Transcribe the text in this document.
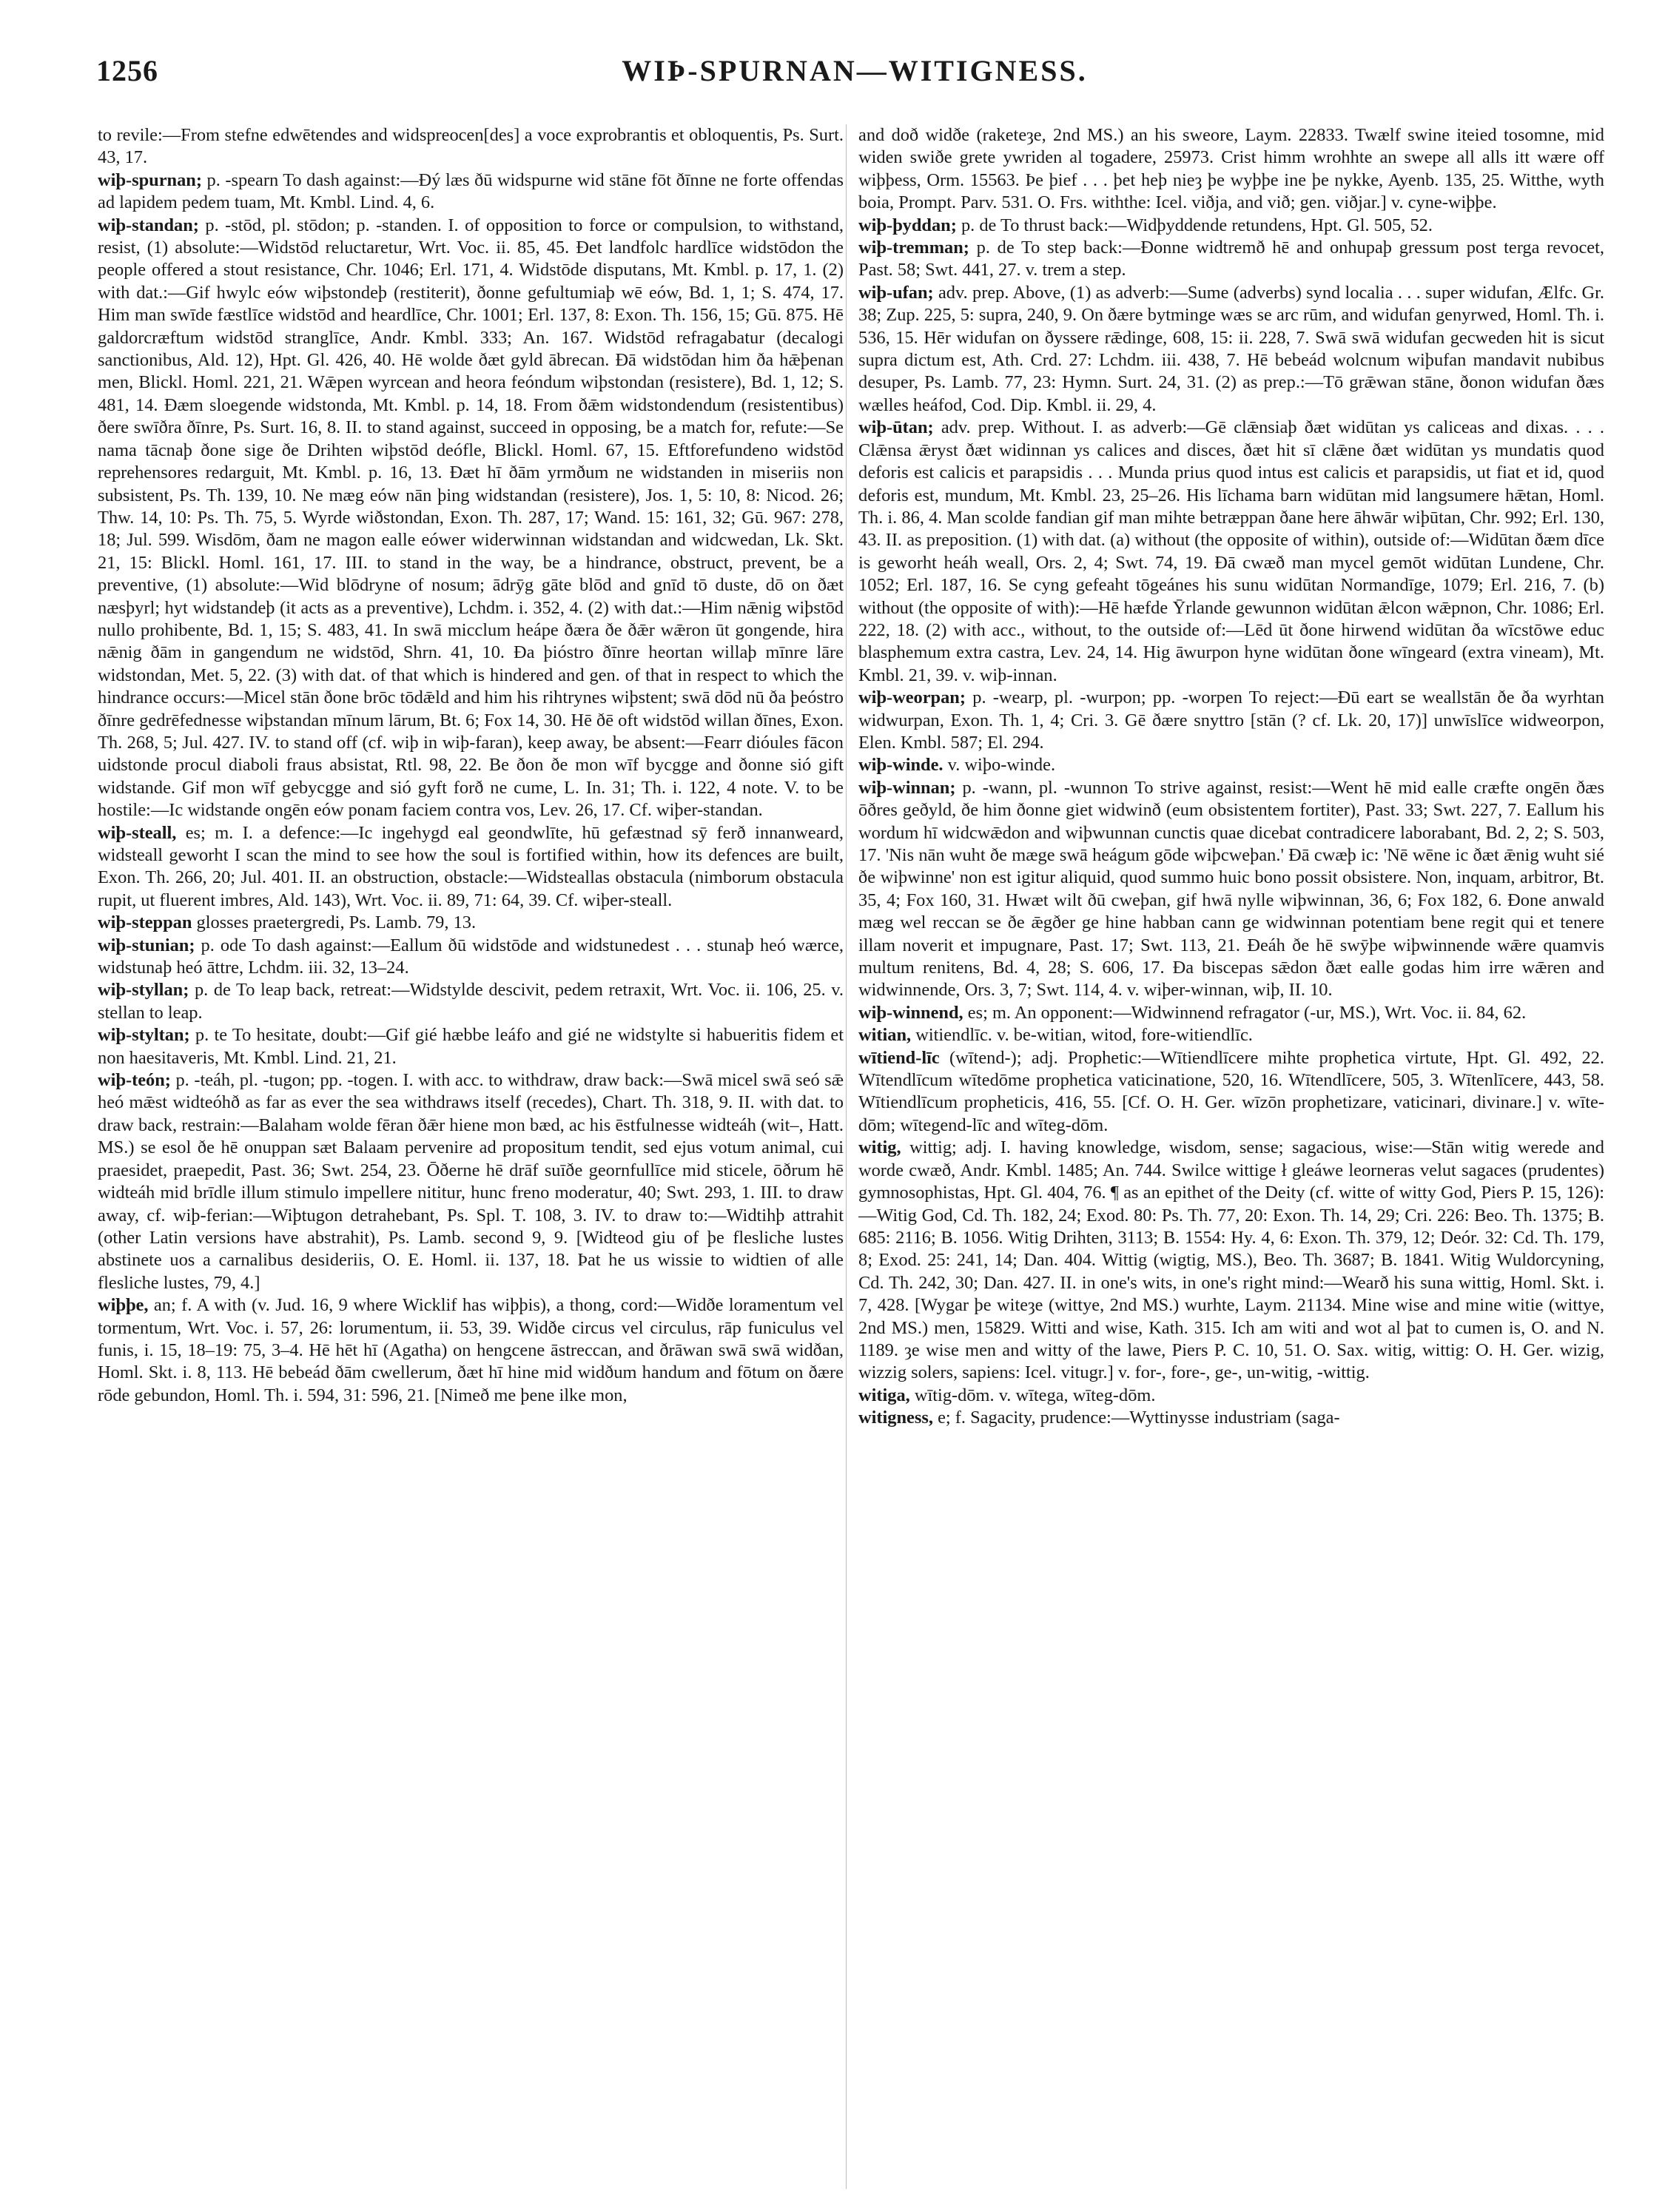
1256	WIÞ-SPURNAN—WITIGNESS.

to revile:—From stefne edwētendes and widspreocen[des] a voce exprobrantis et obloquentis, Ps. Surt. 43, 17.

wiþ-spurnan; p. -spearn To dash against:—Ðý læs ðū widspurne wid stāne fōt ðīnne ne forte offendas ad lapidem pedem tuam, Mt. Kmbl. Lind. 4, 6.

wiþ-standan; p. -stōd, pl. stōdon; p. -standen. I. of opposition to force or compulsion, to withstand, resist, (1) absolute:—Widstōd reluctaretur, Wrt. Voc. ii. 85, 45. Ðet landfolc hardlīce widstōdon the people offered a stout resistance, Chr. 1046; Erl. 171, 4. Widstōde disputans, Mt. Kmbl. p. 17, 1. (2) with dat.:—Gif hwylc eów wiþstondeþ (restiterit), ðonne gefultumiaþ wē eów, Bd. 1, 1; S. 474, 17. Him man swīde fæstlīce widstōd and heardlīce, Chr. 1001; Erl. 137, 8: Exon. Th. 156, 15; Gū. 875. Hē galdorcræftum widstōd stranglīce, Andr. Kmbl. 333; An. 167. Widstōd refragabatur (decalogi sanctionibus, Ald. 12), Hpt. Gl. 426, 40. Hē wolde ðæt gyld ābrecan. Ðā widstōdan him ða hǣþenan men, Blickl. Homl. 221, 21. Wǣpen wyrcean and heora feóndum wiþstondan (resistere), Bd. 1, 12; S. 481, 14. Ðæm sloegende widstonda, Mt. Kmbl. p. 14, 18. From ðǣm widstondendum (resistentibus) ðere swīðra ðīnre, Ps. Surt. 16, 8. II. to stand against, succeed in opposing, be a match for, refute:—Se nama tācnaþ ðone sige ðe Drihten wiþstōd deófle, Blickl. Homl. 67, 15. Eftforefundeno widstōd reprehensores redarguit, Mt. Kmbl. p. 16, 13. Ðæt hī ðām yrmðum ne widstanden in miseriis non subsistent, Ps. Th. 139, 10. Ne mæg eów nān þing widstandan (resistere), Jos. 1, 5: 10, 8: Nicod. 26; Thw. 14, 10: Ps. Th. 75, 5. Wyrde wiðstondan, Exon. Th. 287, 17; Wand. 15: 161, 32; Gū. 967: 278, 18; Jul. 599. Wisdōm, ðam ne magon ealle eówer widerwinnan widstandan and widcwedan, Lk. Skt. 21, 15: Blickl. Homl. 161, 17. III. to stand in the way, be a hindrance, obstruct, prevent, be a preventive, (1) absolute:—Wid blōdryne of nosum; ādrȳg gāte blōd and gnīd tō duste, dō on ðæt næsþyrl; hyt widstandeþ (it acts as a preventive), Lchdm. i. 352, 4. (2) with dat.:—Him nǣnig wiþstōd nullo prohibente, Bd. 1, 15; S. 483, 41. In swā micclum heápe ðæra ðe ðǣr wǣron ūt gongende, hira nǣnig ðām in gangendum ne widstōd, Shrn. 41, 10. Ða þióstro ðīnre heortan willaþ mīnre lāre widstondan, Met. 5, 22. (3) with dat. of that which is hindered and gen. of that in respect to which the hindrance occurs:—Micel stān ðone brōc tōdǣld and him his rihtrynes wiþstent; swā dōd nū ða þeóstro ðīnre gedrēfednesse wiþstandan mīnum lārum, Bt. 6; Fox 14, 30. Hē ðē oft widstōd willan ðīnes, Exon. Th. 268, 5; Jul. 427. IV. to stand off (cf. wiþ in wiþ-faran), keep away, be absent:—Fearr dióules fācon uidstonde procul diaboli fraus absistat, Rtl. 98, 22. Be ðon ðe mon wīf bycgge and ðonne sió gift widstande. Gif mon wīf gebycgge and sió gyft forð ne cume, L. In. 31; Th. i. 122, 4 note. V. to be hostile:—Ic widstande ongēn eów ponam faciem contra vos, Lev. 26, 17. Cf. wiþer-standan.

wiþ-steall, es; m. I. a defence:—Ic ingehygd eal geondwlīte, hū gefæstnad sȳ ferð innanweard, widsteall geworht I scan the mind to see how the soul is fortified within, how its defences are built, Exon. Th. 266, 20; Jul. 401. II. an obstruction, obstacle:—Widsteallas obstacula (nimborum obstacula rupit, ut fluerent imbres, Ald. 143), Wrt. Voc. ii. 89, 71: 64, 39. Cf. wiþer-steall.

wiþ-steppan glosses praetergredi, Ps. Lamb. 79, 13.

wiþ-stunian; p. ode To dash against:—Eallum ðū widstōde and widstunedest . . . stunaþ heó wærce, widstunaþ heó āttre, Lchdm. iii. 32, 13–24.

wiþ-styllan; p. de To leap back, retreat:—Widstylde descivit, pedem retraxit, Wrt. Voc. ii. 106, 25. v. stellan to leap.

wiþ-styltan; p. te To hesitate, doubt:—Gif gié hæbbe leáfo and gié ne widstylte si habueritis fidem et non haesitaveris, Mt. Kmbl. Lind. 21, 21.

wiþ-teón; p. -teáh, pl. -tugon; pp. -togen. I. with acc. to withdraw, draw back:—Swā micel swā seó sǣ heó mǣst widteóhð as far as ever the sea withdraws itself (recedes), Chart. Th. 318, 9. II. with dat. to draw back, restrain:—Balaham wolde fēran ðǣr hiene mon bæd, ac his ēstfulnesse widteáh (wit–, Hatt. MS.) se esol ðe hē onuppan sæt Balaam pervenire ad propositum tendit, sed ejus votum animal, cui praesidet, praepedit, Past. 36; Swt. 254, 23. Ōðerne hē drāf suīðe geornfullīce mid sticele, ōðrum hē widteáh mid brīdle illum stimulo impellere nititur, hunc freno moderatur, 40; Swt. 293, 1. III. to draw away, cf. wiþ-ferian:—Wiþtugon detrahebant, Ps. Spl. T. 108, 3. IV. to draw to:—Widtihþ attrahit (other Latin versions have abstrahit), Ps. Lamb. second 9, 9. [Widteod giu of þe flesliche lustes abstinete uos a carnalibus desideriis, O. E. Homl. ii. 137, 18. Þat he us wissie to widtien of alle flesliche lustes, 79, 4.]

wiþþe, an; f. A with (v. Jud. 16, 9 where Wicklif has wiþþis), a thong, cord:—Widðe loramentum vel tormentum, Wrt. Voc. i. 57, 26: lorumentum, ii. 53, 39. Widðe circus vel circulus, rāp funiculus vel funis, i. 15, 18–19: 75, 3–4. Hē hēt hī (Agatha) on hengcene āstreccan, and ðrāwan swā swā widðan, Homl. Skt. i. 8, 113. Hē bebeád ðām cwellerum, ðæt hī hine mid widðum handum and fōtum on ðære rōde gebundon, Homl. Th. i. 594, 31: 596, 21. [Nimeð me þene ilke mon,

and doð widðe (raketeȝe, 2nd MS.) an his sweore, Laym. 22833. Twælf swine iteied tosomne, mid widen swiðe grete ywriden al togadere, 25973. Crist himm wrohhte an swepe all alls itt wære off wiþþess, Orm. 15563. Þe þief . . . þet heþ nieȝ þe wyþþe ine þe nykke, Ayenb. 135, 25. Witthe, wyth boia, Prompt. Parv. 531. O. Frs. withthe: Icel. viðja, and við; gen. viðjar.] v. cyne-wiþþe.

wiþ-þyddan; p. de To thrust back:—Widþyddende retundens, Hpt. Gl. 505, 52.

wiþ-tremman; p. de To step back:—Ðonne widtremð hē and onhupaþ gressum post terga revocet, Past. 58; Swt. 441, 27. v. trem a step.

wiþ-ufan; adv. prep. Above, (1) as adverb:—Sume (adverbs) synd localia . . . super widufan, Ælfc. Gr. 38; Zup. 225, 5: supra, 240, 9. On ðære bytminge wæs se arc rūm, and widufan genyrwed, Homl. Th. i. 536, 15. Hēr widufan on ðyssere rǣdinge, 608, 15: ii. 228, 7. Swā swā widufan gecweden hit is sicut supra dictum est, Ath. Crd. 27: Lchdm. iii. 438, 7. Hē bebeád wolcnum wiþufan mandavit nubibus desuper, Ps. Lamb. 77, 23: Hymn. Surt. 24, 31. (2) as prep.:—Tō grǣwan stāne, ðonon widufan ðæs wælles heáfod, Cod. Dip. Kmbl. ii. 29, 4.

wiþ-ūtan; adv. prep. Without. I. as adverb:—Gē clǣnsiaþ ðæt widūtan ys caliceas and dixas. . . . Clǣnsa ǣryst ðæt widinnan ys calices and disces, ðæt hit sī clǣne ðæt widūtan ys mundatis quod deforis est calicis et parapsidis . . . Munda prius quod intus est calicis et parapsidis, ut fiat et id, quod deforis est, mundum, Mt. Kmbl. 23, 25–26. His līchama barn widūtan mid langsumere hǣtan, Homl. Th. i. 86, 4. Man scolde fandian gif man mihte betræppan ðane here āhwār wiþūtan, Chr. 992; Erl. 130, 43. II. as preposition. (1) with dat. (a) without (the opposite of within), outside of:—Widūtan ðæm dīce is geworht heáh weall, Ors. 2, 4; Swt. 74, 19. Ðā cwæð man mycel gemōt widūtan Lundene, Chr. 1052; Erl. 187, 16. Se cyng gefeaht tōgeánes his sunu widūtan Normandīge, 1079; Erl. 216, 7. (b) without (the opposite of with):—Hē hæfde Ȳrlande gewunnon widūtan ǣlcon wǣpnon, Chr. 1086; Erl. 222, 18. (2) with acc., without, to the outside of:—Lēd ūt ðone hirwend widūtan ða wīcstōwe educ blasphemum extra castra, Lev. 24, 14. Hig āwurpon hyne widūtan ðone wīngeard (extra vineam), Mt. Kmbl. 21, 39. v. wiþ-innan.

wiþ-weorpan; p. -wearp, pl. -wurpon; pp. -worpen To reject:—Ðū eart se weallstān ðe ða wyrhtan widwurpan, Exon. Th. 1, 4; Cri. 3. Gē ðære snyttro [stān (? cf. Lk. 20, 17)] unwīslīce widweorpon, Elen. Kmbl. 587; El. 294.

wiþ-winde. v. wiþo-winde.

wiþ-winnan; p. -wann, pl. -wunnon To strive against, resist:—Went hē mid ealle cræfte ongēn ðæs ōðres geðyld, ðe him ðonne giet widwinð (eum obsistentem fortiter), Past. 33; Swt. 227, 7. Eallum his wordum hī widcwǣdon and wiþwunnan cunctis quae dicebat contradicere laborabant, Bd. 2, 2; S. 503, 17. 'Nis nān wuht ðe mæge swā heágum gōde wiþcweþan.' Ðā cwæþ ic: 'Nē wēne ic ðæt ǣnig wuht sié ðe wiþwinne' non est igitur aliquid, quod summo huic bono possit obsistere. Non, inquam, arbitror, Bt. 35, 4; Fox 160, 31. Hwæt wilt ðū cweþan, gif hwā nylle wiþwinnan, 36, 6; Fox 182, 6. Ðone anwald mæg wel reccan se ðe ǣgðer ge hine habban cann ge widwinnan potentiam bene regit qui et tenere illam noverit et impugnare, Past. 17; Swt. 113, 21. Ðeáh ðe hē swȳþe wiþwinnende wǣre quamvis multum renitens, Bd. 4, 28; S. 606, 17. Ða biscepas sǣdon ðæt ealle godas him irre wǣren and widwinnende, Ors. 3, 7; Swt. 114, 4. v. wiþer-winnan, wiþ, II. 10.

wiþ-winnend, es; m. An opponent:—Widwinnend refragator (-ur, MS.), Wrt. Voc. ii. 84, 62.

witian, witiendlīc. v. be-witian, witod, fore-witiendlīc.

wītiend-līc (wītend-); adj. Prophetic:—Wītiendlīcere mihte prophetica virtute, Hpt. Gl. 492, 22. Wītendlīcum wītedōme prophetica vaticinatione, 520, 16. Wītendlīcere, 505, 3. Wītenlīcere, 443, 58. Wītiendlīcum propheticis, 416, 55. [Cf. O. H. Ger. wīzōn prophetizare, vaticinari, divinare.] v. wīte-dōm; wītegend-līc and wīteg-dōm.

witig, wittig; adj. I. having knowledge, wisdom, sense; sagacious, wise:—Stān witig werede and worde cwæð, Andr. Kmbl. 1485; An. 744. Swilce wittige ł gleáwe leorneras velut sagaces (prudentes) gymnosophistas, Hpt. Gl. 404, 76. ¶ as an epithet of the Deity (cf. witte of witty God, Piers P. 15, 126):—Witig God, Cd. Th. 182, 24; Exod. 80: Ps. Th. 77, 20: Exon. Th. 14, 29; Cri. 226: Beo. Th. 1375; B. 685: 2116; B. 1056. Witig Drihten, 3113; B. 1554: Hy. 4, 6: Exon. Th. 379, 12; Deór. 32: Cd. Th. 179, 8; Exod. 25: 241, 14; Dan. 404. Wittig (wigtig, MS.), Beo. Th. 3687; B. 1841. Witig Wuldorcyning, Cd. Th. 242, 30; Dan. 427. II. in one's wits, in one's right mind:—Wearð his suna wittig, Homl. Skt. i. 7, 428. [Wygar þe witeȝe (wittye, 2nd MS.) wurhte, Laym. 21134. Mine wise and mine witie (wittye, 2nd MS.) men, 15829. Witti and wise, Kath. 315. Ich am witi and wot al þat to cumen is, O. and N. 1189. ȝe wise men and witty of the lawe, Piers P. C. 10, 51. O. Sax. witig, wittig: O. H. Ger. wizig, wizzig solers, sapiens: Icel. vitugr.] v. for-, fore-, ge-, un-witig, -wittig.

witiga, wītig-dōm. v. wītega, wīteg-dōm.

witigness, e; f. Sagacity, prudence:—Wyttinysse industriam (saga-
